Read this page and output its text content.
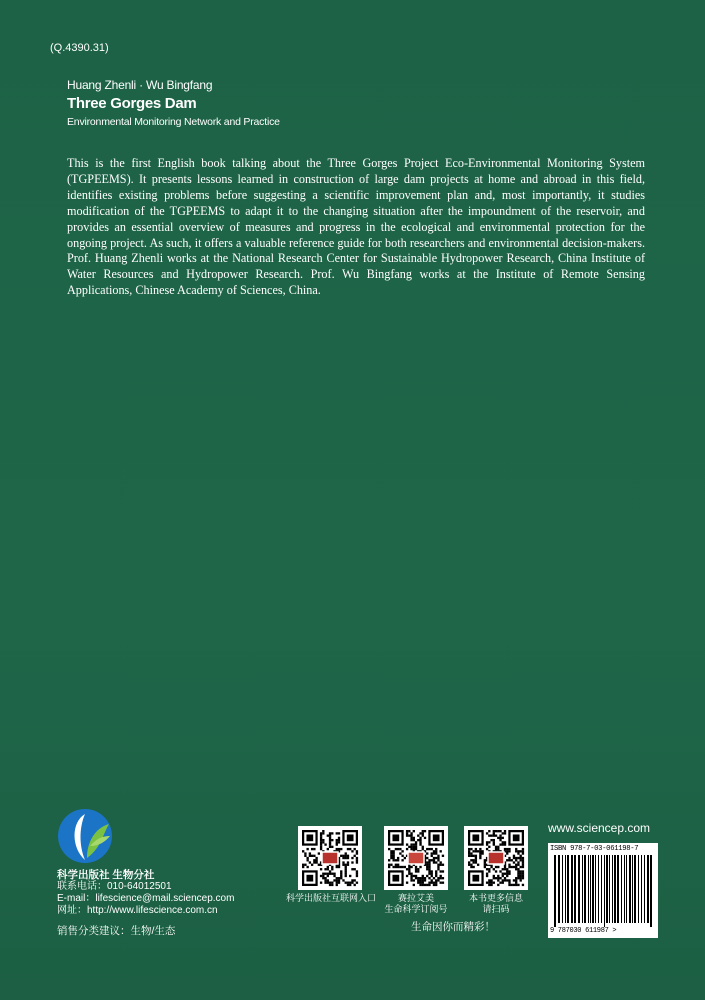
(Q.4390.31)
Huang Zhenli · Wu Bingfang
Three Gorges Dam
Environmental Monitoring Network and Practice

This is the first English book talking about the Three Gorges Project Eco-Environmental Monitoring System (TGPEEMS). It presents lessons learned in construction of large dam projects at home and abroad in this field, identifies existing problems before suggesting a scientific improvement plan and, most importantly, it studies modification of the TGPEEMS to adapt it to the changing situation after the impoundment of the reservoir, and provides an essential overview of measures and progress in the ecological and environmental protection for the ongoing project. As such, it offers a valuable reference guide for both researchers and environmental decision-makers. Prof. Huang Zhenli works at the National Research Center for Sustainable Hydropower Research, China Institute of Water Resources and Hydropower Research. Prof. Wu Bingfang works at the Institute of Remote Sensing Applications, Chinese Academy of Sciences, China.

科学出版社 生物分社
联系电话：010-64012501
E-mail：lifescience@mail.sciencep.com
网址：http://www.lifescience.com.cn
销售分类建议：生物/生态
科学出版社互联网入口	赛拉艾美
生命科学订阅号
本书更多信息
请扫码
生命因你而精彩！
www.sciencep.com
ISBN 978-7-03-061198-7
9 787030 611987 >
